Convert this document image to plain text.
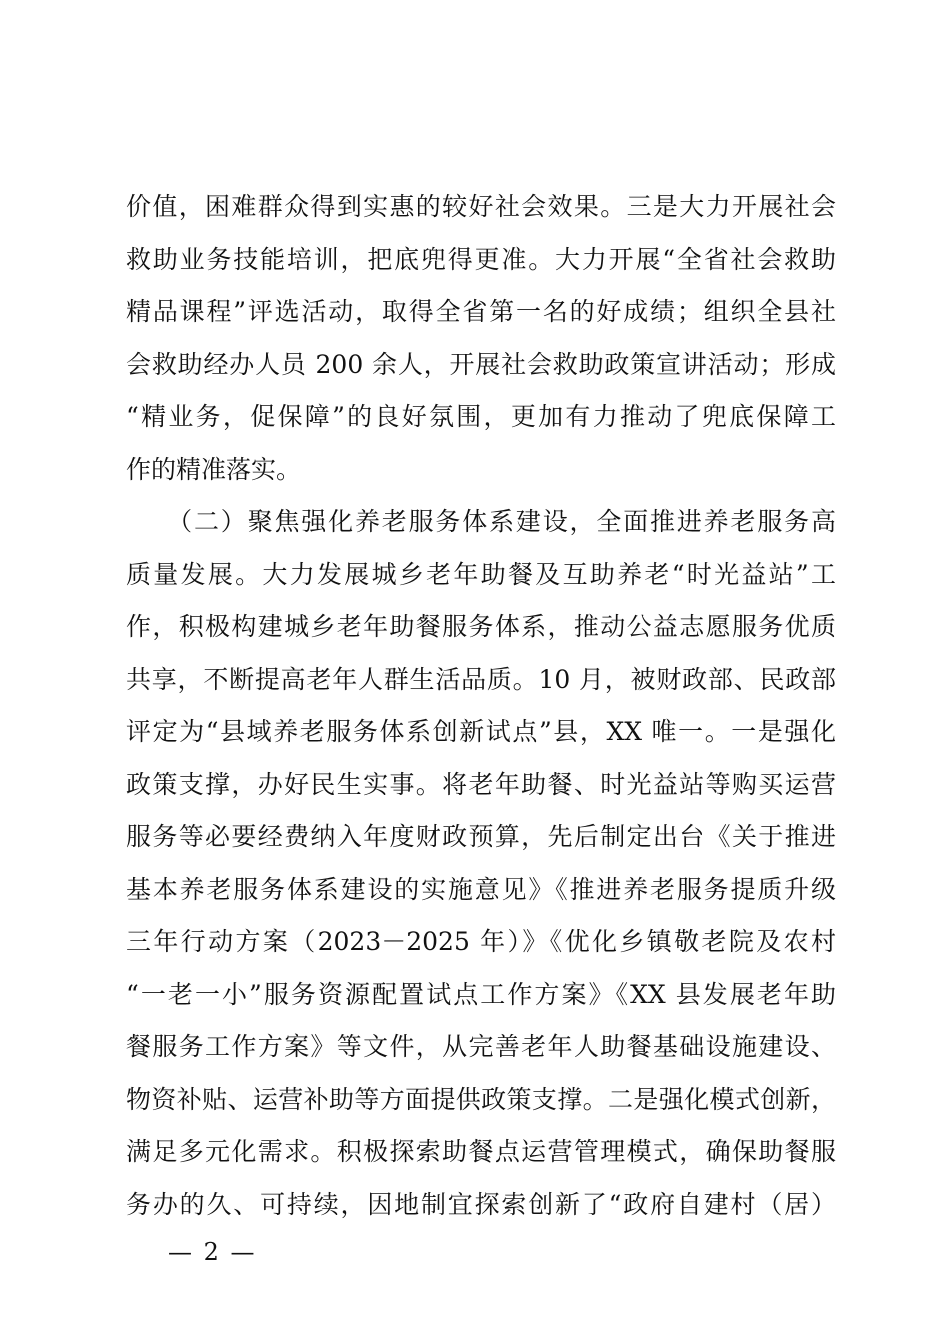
价值，困难群众得到实惠的较好社会效果。三是大力开展社会
救助业务技能培训，把底兜得更准。大力开展“全省社会救助
精品课程”评选活动，取得全省第一名的好成绩；组织全县社
会救助经办人员 200 余人，开展社会救助政策宣讲活动；形成
“精业务，促保障”的良好氛围，更加有力推动了兜底保障工
作的精准落实。
　　（二）聚焦强化养老服务体系建设，全面推进养老服务高
质量发展。大力发展城乡老年助餐及互助养老“时光益站”工
作，积极构建城乡老年助餐服务体系，推动公益志愿服务优质
共享，不断提高老年人群生活品质。10 月，被财政部、民政部
评定为“县域养老服务体系创新试点”县，XX 唯一。一是强化
政策支撑，办好民生实事。将老年助餐、时光益站等购买运营
服务等必要经费纳入年度财政预算，先后制定出台《关于推进
基本养老服务体系建设的实施意见》《推进养老服务提质升级
三年行动方案（2023－2025 年）》《优化乡镇敬老院及农村
“一老一小”服务资源配置试点工作方案》《XX 县发展老年助
餐服务工作方案》等文件，从完善老年人助餐基础设施建设、
物资补贴、运营补助等方面提供政策支撑。二是强化模式创新，
满足多元化需求。积极探索助餐点运营管理模式，确保助餐服
务办的久、可持续，因地制宜探索创新了“政府自建村（居）
— 2 —
